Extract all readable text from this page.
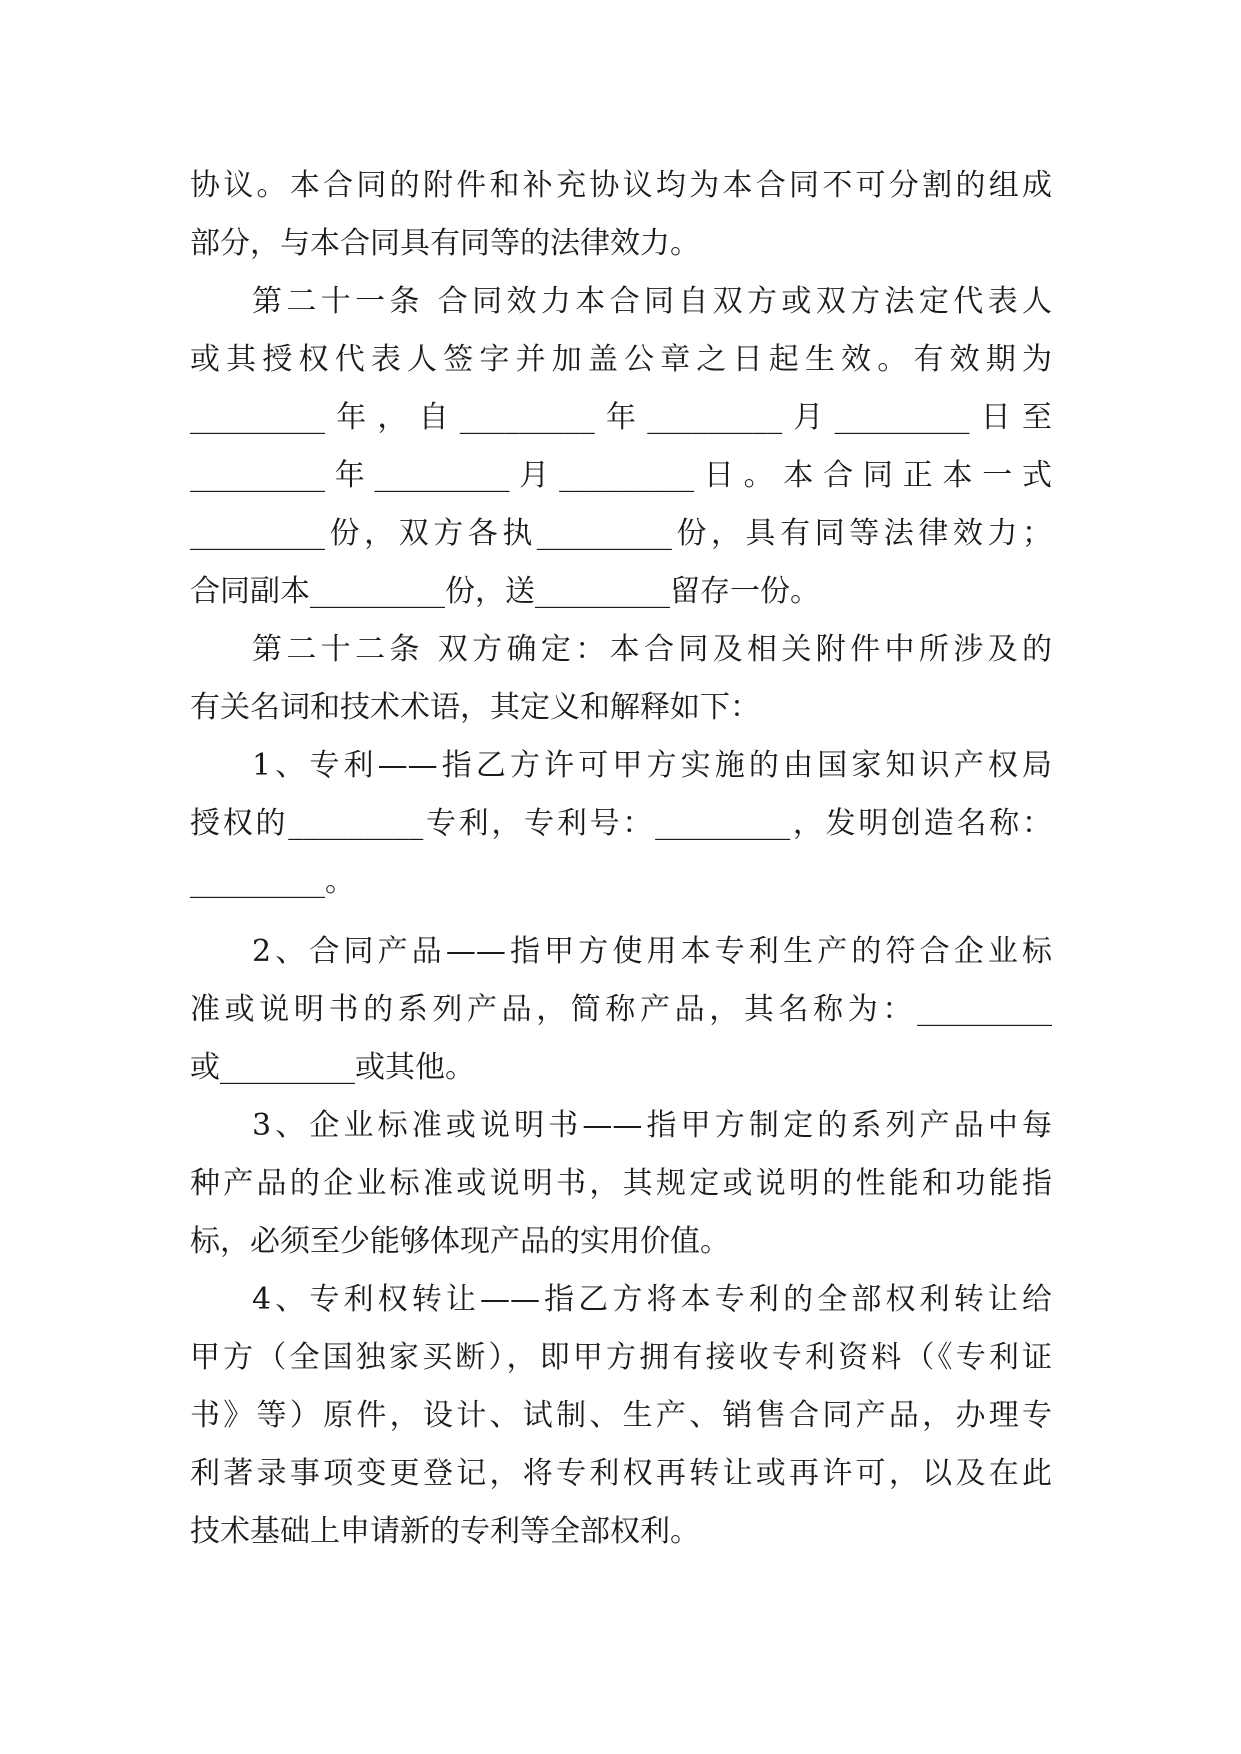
协议。本合同的附件和补充协议均为本合同不可分割的组成
部分，与本合同具有同等的法律效力。
第二十一条 合同效力本合同自双方或双方法定代表人
或其授权代表人签字并加盖公章之日起生效。有效期为
_________年，自_________年_________月_________日至
_________年_________月_________日。本合同正本一式
_________份，双方各执_________份，具有同等法律效力；
合同副本_________份，送_________留存一份。
第二十二条 双方确定：本合同及相关附件中所涉及的
有关名词和技术术语，其定义和解释如下：
1、专利——指乙方许可甲方实施的由国家知识产权局
授权的_________专利，专利号：_________，发明创造名称：
_________。
2、合同产品——指甲方使用本专利生产的符合企业标
准或说明书的系列产品，简称产品，其名称为：_________
或_________或其他。
3、企业标准或说明书——指甲方制定的系列产品中每
种产品的企业标准或说明书，其规定或说明的性能和功能指
标，必须至少能够体现产品的实用价值。
4、专利权转让——指乙方将本专利的全部权利转让给
甲方（全国独家买断），即甲方拥有接收专利资料（《专利证
书》等）原件，设计、试制、生产、销售合同产品，办理专
利著录事项变更登记，将专利权再转让或再许可，以及在此
技术基础上申请新的专利等全部权利。
